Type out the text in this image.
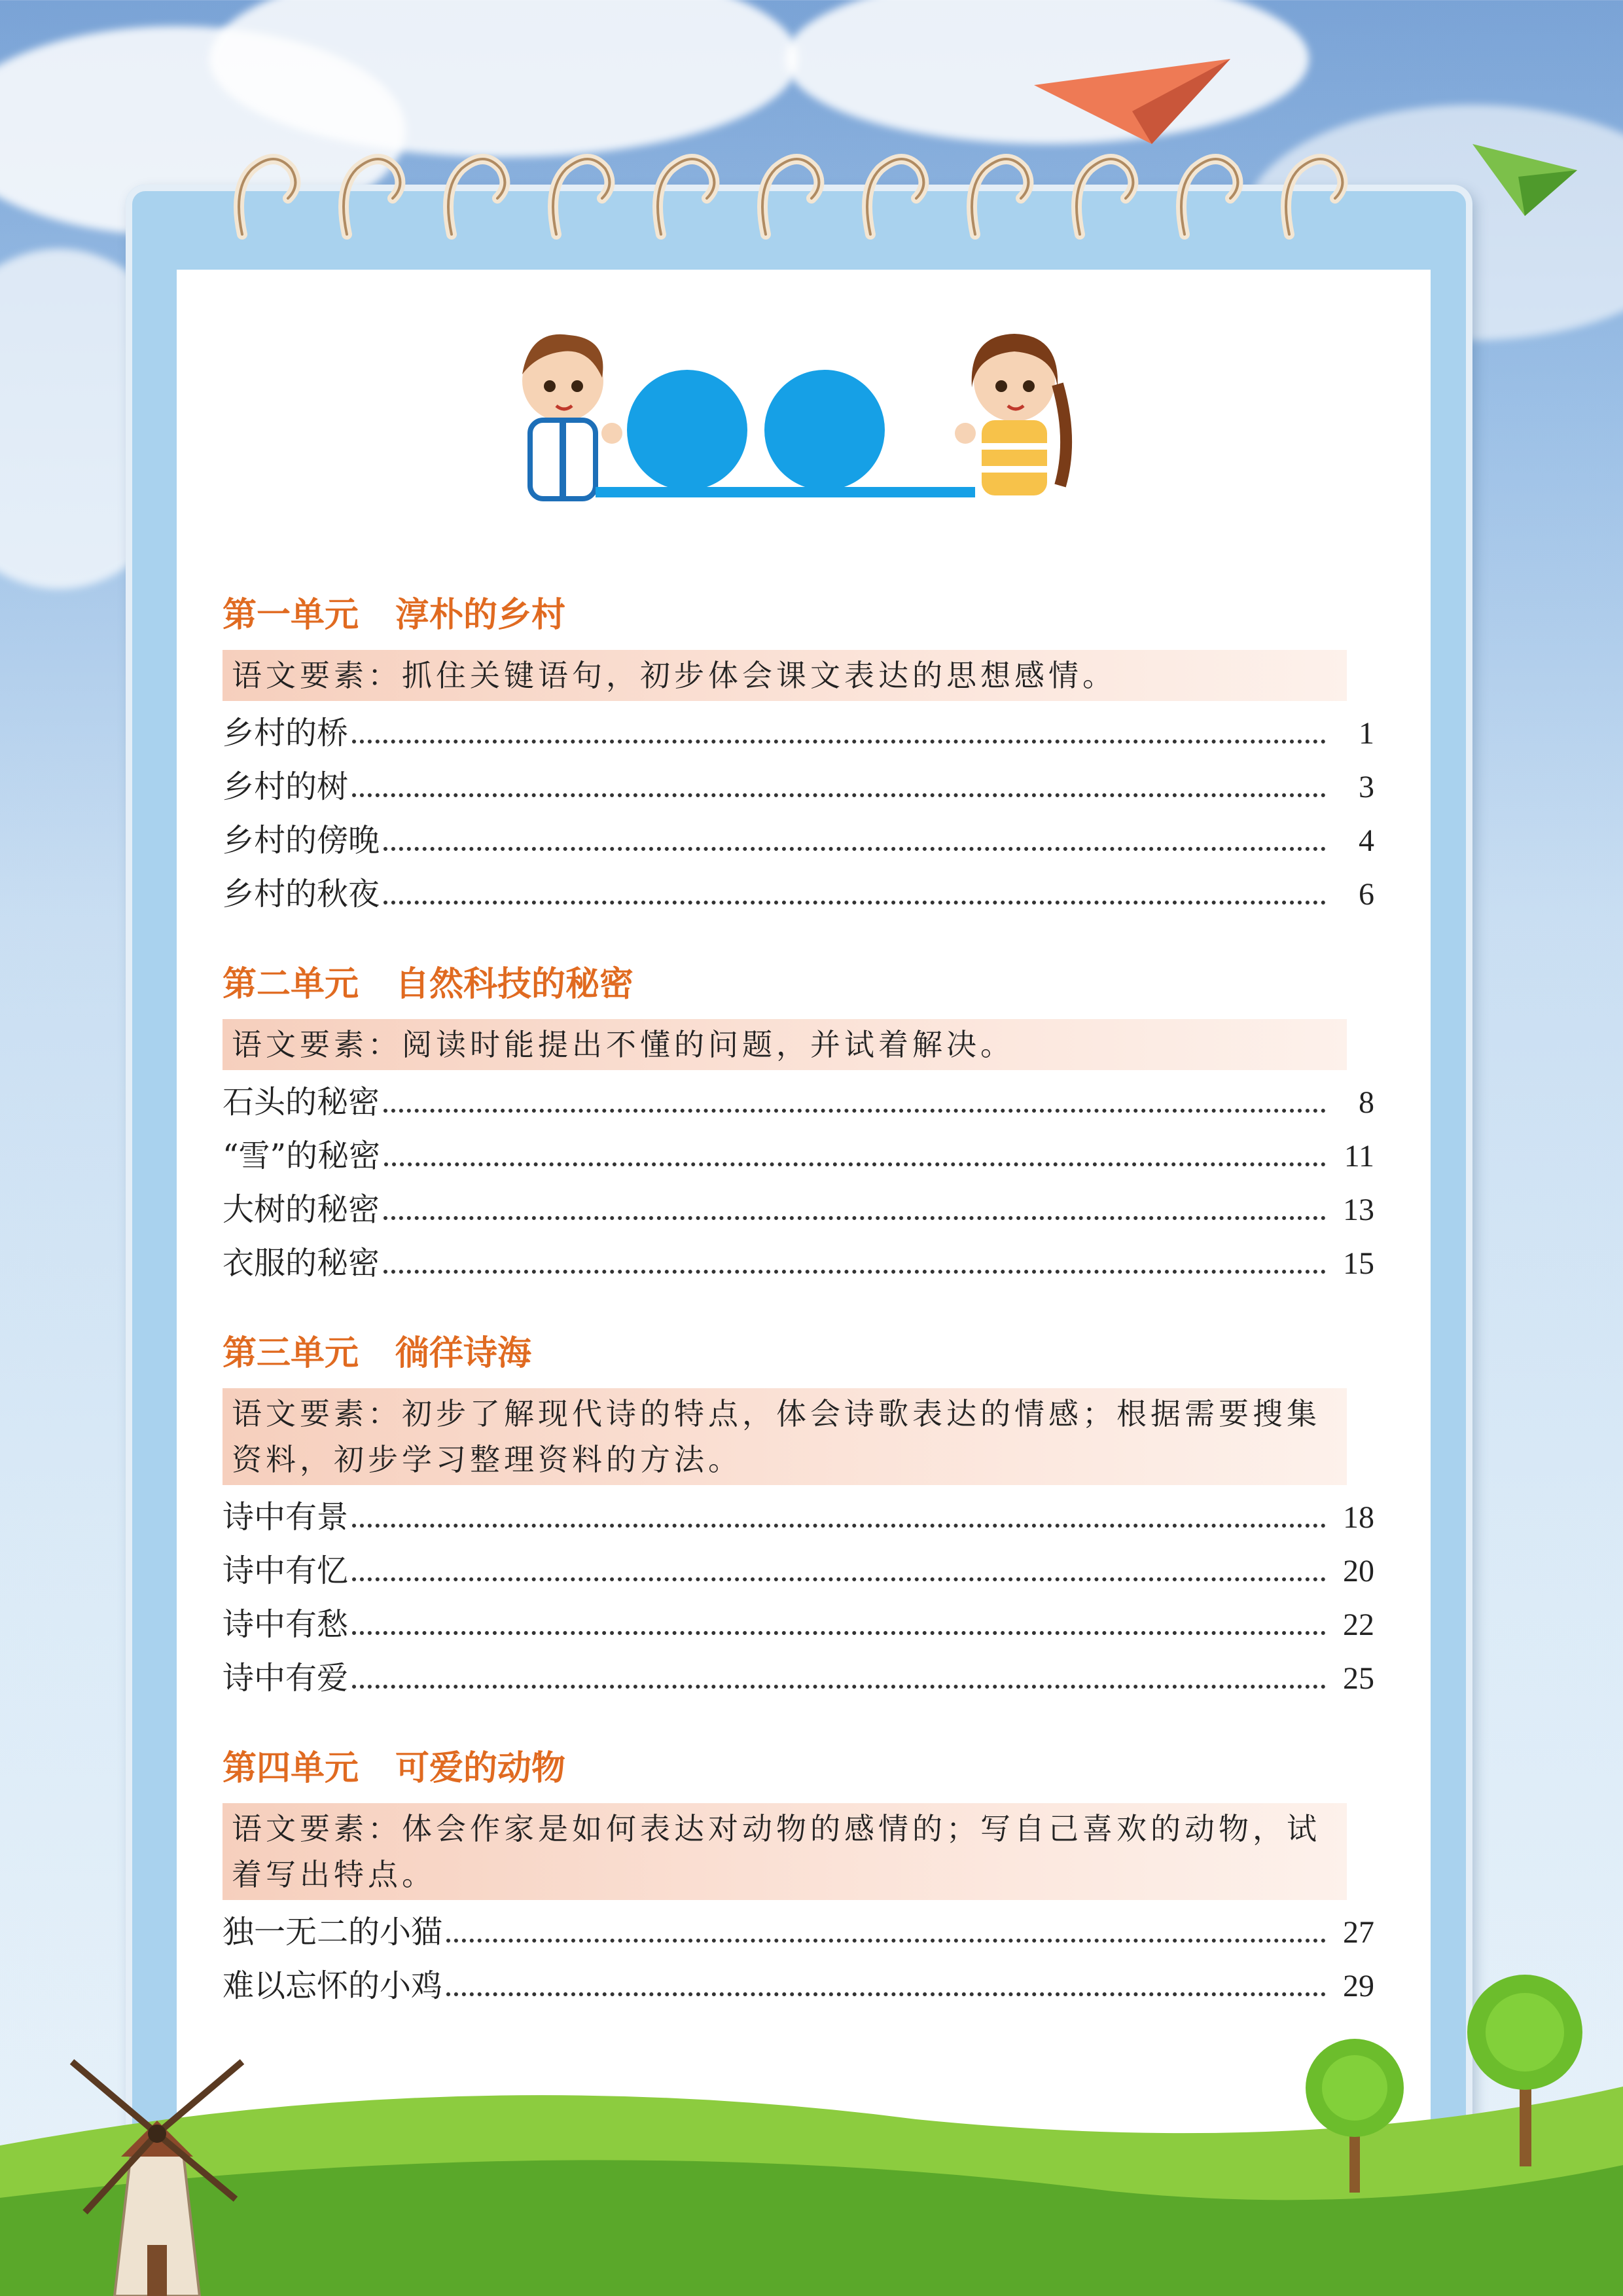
第一单元 淳朴的乡村
语文要素：抓住关键语句，初步体会课文表达的思想感情。
乡村的桥	1
乡村的树	3
乡村的傍晚	4
乡村的秋夜	6
第二单元 自然科技的秘密
语文要素：阅读时能提出不懂的问题，并试着解决。
石头的秘密	8
“雪”的秘密	11
大树的秘密	13
衣服的秘密	15
第三单元 徜徉诗海
语文要素：初步了解现代诗的特点，体会诗歌表达的情感；根据需要搜集资料，初步学习整理资料的方法。
诗中有景	18
诗中有忆	20
诗中有愁	22
诗中有爱	25
第四单元 可爱的动物
语文要素：体会作家是如何表达对动物的感情的；写自己喜欢的动物，试着写出特点。
独一无二的小猫	27
难以忘怀的小鸡	29
